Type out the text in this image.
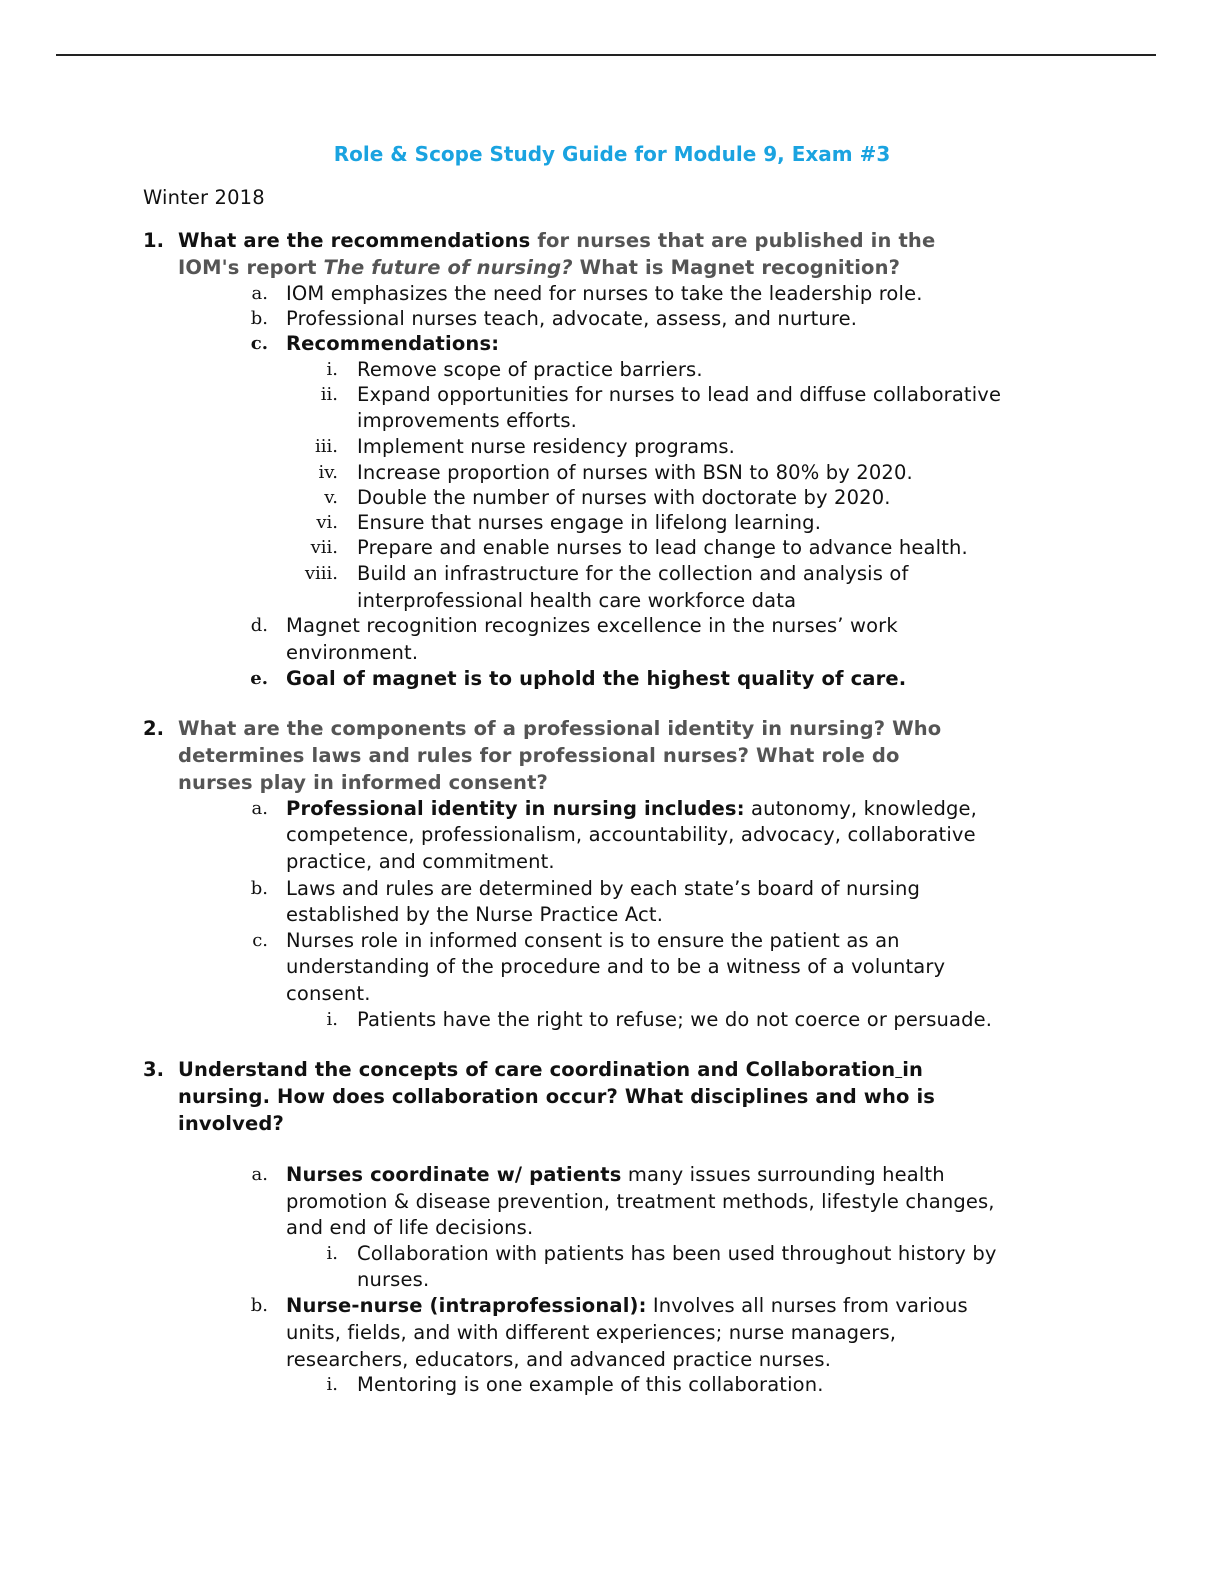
Role & Scope Study Guide for Module 9, Exam #3
Winter 2018
1. What are the recommendations for nurses that are published in the
IOM's report The future of nursing? What is Magnet recognition?
a. IOM emphasizes the need for nurses to take the leadership role.
b. Professional nurses teach, advocate, assess, and nurture.
c. Recommendations:
i. Remove scope of practice barriers.
ii. Expand opportunities for nurses to lead and diffuse collaborative
improvements efforts.
iii. Implement nurse residency programs.
iv. Increase proportion of nurses with BSN to 80% by 2020.
v. Double the number of nurses with doctorate by 2020.
vi. Ensure that nurses engage in lifelong learning.
vii. Prepare and enable nurses to lead change to advance health.
viii. Build an infrastructure for the collection and analysis of
interprofessional health care workforce data
d. Magnet recognition recognizes excellence in the nurses’ work
environment.
e. Goal of magnet is to uphold the highest quality of care.
2. What are the components of a professional identity in nursing? Who
determines laws and rules for professional nurses? What role do
nurses play in informed consent?
a. Professional identity in nursing includes: autonomy, knowledge,
competence, professionalism, accountability, advocacy, collaborative
practice, and commitment.
b. Laws and rules are determined by each state’s board of nursing
established by the Nurse Practice Act.
c. Nurses role in informed consent is to ensure the patient as an
understanding of the procedure and to be a witness of a voluntary
consent.
i. Patients have the right to refuse; we do not coerce or persuade.
3. Understand the concepts of care coordination and Collaboration in
nursing. How does collaboration occur? What disciplines and who is
involved?
a. Nurses coordinate w/ patients many issues surrounding health
promotion & disease prevention, treatment methods, lifestyle changes,
and end of life decisions.
i. Collaboration with patients has been used throughout history by
nurses.
b. Nurse-nurse (intraprofessional): Involves all nurses from various
units, fields, and with different experiences; nurse managers,
researchers, educators, and advanced practice nurses.
i. Mentoring is one example of this collaboration.
